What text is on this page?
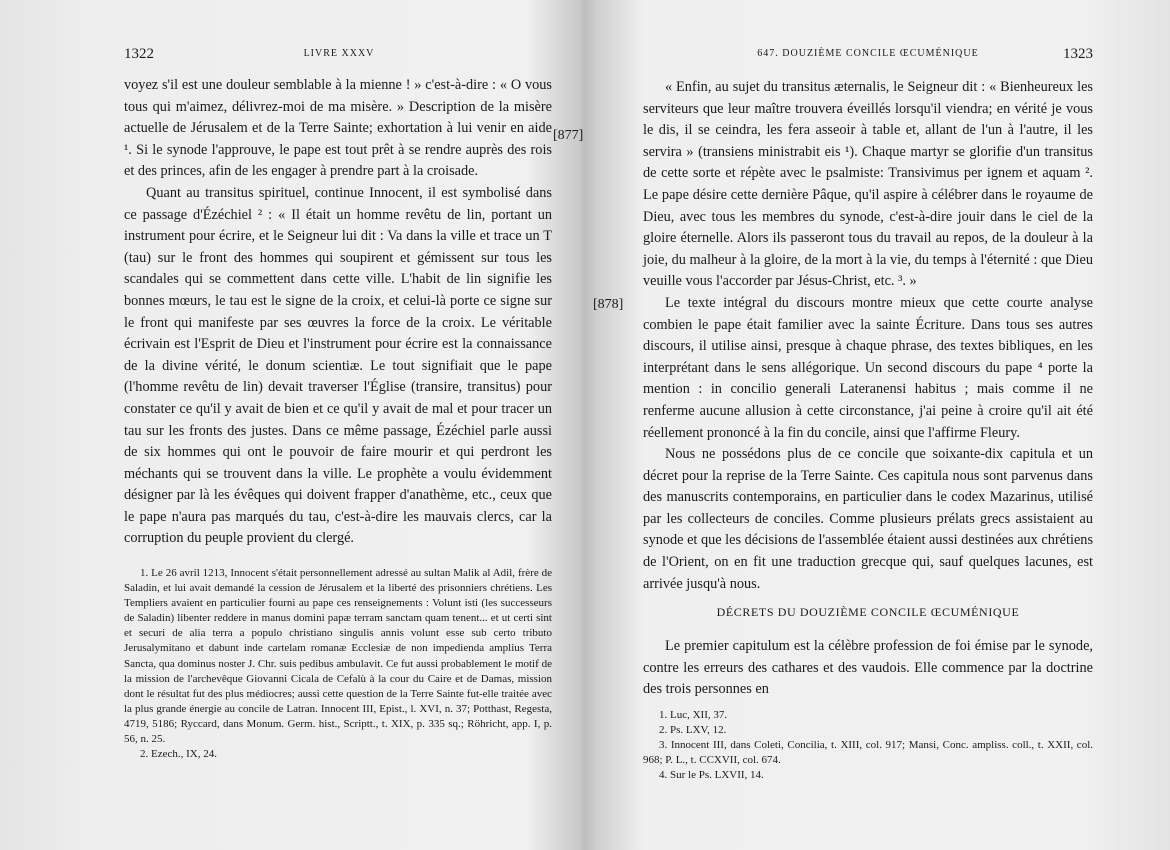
1322	LIVRE XXXV

voyez s'il est une douleur semblable à la mienne ! » c'est-à-dire : « O vous tous qui m'aimez, délivrez-moi de ma misère. » Description de la misère actuelle de Jérusalem et de la Terre Sainte; exhortation à lui venir en aide ¹. Si le synode l'approuve, le pape est tout prêt à se rendre auprès des rois et des princes, afin de les engager à prendre part à la croisade.

Quant au transitus spirituel, continue Innocent, il est symbolisé dans ce passage d'Ézéchiel ² : « Il était un homme revêtu de lin, portant un instrument pour écrire, et le Seigneur lui dit : Va dans la ville et trace un T (tau) sur le front des hommes qui soupirent et gémissent sur tous les scandales qui se commettent dans cette ville. L'habit de lin signifie les bonnes mœurs, le tau est le signe de la croix, et celui-là porte ce signe sur le front qui manifeste par ses œuvres la force de la croix. Le véritable écrivain est l'Esprit de Dieu et l'instrument pour écrire est la connaissance de la divine vérité, le donum scientiæ. Le tout signifiait que le pape (l'homme revêtu de lin) devait traverser l'Église (transire, transitus) pour constater ce qu'il y avait de bien et ce qu'il y avait de mal et pour tracer un tau sur les fronts des justes. Dans ce même passage, Ézéchiel parle aussi de six hommes qui ont le pouvoir de faire mourir et qui perdront les méchants qui se trouvent dans la ville. Le prophète a voulu évidemment désigner par là les évêques qui doivent frapper d'anathème, etc., ceux que le pape n'aura pas marqués du tau, c'est-à-dire les mauvais clercs, car la corruption du peuple provient du clergé.

[877]

1. Le 26 avril 1213, Innocent s'était personnellement adressé au sultan Malik al Adil, frère de Saladin, et lui avait demandé la cession de Jérusalem et la liberté des prisonniers chrétiens. Les Templiers avaient en particulier fourni au pape ces renseignements : Volunt isti (les successeurs de Saladin) libenter reddere in manus domini papæ terram sanctam quam tenent... et ut certi sint et securi de alia terra a populo christiano singulis annis volunt esse sub certo tributo Jerusalymitano et dabunt inde cartelam romanæ Ecclesiæ de non impedienda amplius Terra Sancta, qua dominus noster J. Chr. suis pedibus ambulavit. Ce fut aussi probablement le motif de la mission de l'archevêque Giovanni Cicala de Cefalù à la cour du Caire et de Damas, mission dont le résultat fut des plus médiocres; aussi cette question de la Terre Sainte fut-elle traitée avec la plus grande énergie au concile de Latran. Innocent III, Epist., l. XVI, n. 37; Potthast, Regesta, 4719, 5186; Ryccard, dans Monum. Germ. hist., Scriptt., t. XIX, p. 335 sq.; Röhricht, app. I, p. 56, n. 25.

2. Ezech., IX, 24.

647. DOUZIÈME CONCILE ŒCUMÉNIQUE	1323

« Enfin, au sujet du transitus æternalis, le Seigneur dit : « Bienheureux les serviteurs que leur maître trouvera éveillés lorsqu'il viendra; en vérité je vous le dis, il se ceindra, les fera asseoir à table et, allant de l'un à l'autre, il les servira » (transiens ministrabit eis ¹). Chaque martyr se glorifie d'un transitus de cette sorte et répète avec le psalmiste: Transivimus per ignem et aquam ². Le pape désire cette dernière Pâque, qu'il aspire à célébrer dans le royaume de Dieu, avec tous les membres du synode, c'est-à-dire jouir dans le ciel de la gloire éternelle. Alors ils passeront tous du travail au repos, de la douleur à la joie, du malheur à la gloire, de la mort à la vie, du temps à l'éternité : que Dieu veuille vous l'accorder par Jésus-Christ, etc. ³. »

Le texte intégral du discours montre mieux que cette courte analyse combien le pape était familier avec la sainte Écriture. Dans tous ses autres discours, il utilise ainsi, presque à chaque phrase, des textes bibliques, en les interprétant dans le sens allégorique. Un second discours du pape ⁴ porte la mention : in concilio generali Lateranensi habitus ; mais comme il ne renferme aucune allusion à cette circonstance, j'ai peine à croire qu'il ait été réellement prononcé à la fin du concile, ainsi que l'affirme Fleury.

Nous ne possédons plus de ce concile que soixante-dix capitula et un décret pour la reprise de la Terre Sainte. Ces capitula nous sont parvenus dans des manuscrits contemporains, en particulier dans le codex Mazarinus, utilisé par les collecteurs de conciles. Comme plusieurs prélats grecs assistaient au synode et que les décisions de l'assemblée étaient aussi destinées aux chrétiens de l'Orient, on en fit une traduction grecque qui, sauf quelques lacunes, est arrivée jusqu'à nous.

[878]
DÉCRETS DU DOUZIÈME CONCILE ŒCUMÉNIQUE

Le premier capitulum est la célèbre profession de foi émise par le synode, contre les erreurs des cathares et des vaudois. Elle commence par la doctrine des trois personnes en

1. Luc, XII, 37.

2. Ps. LXV, 12.

3. Innocent III, dans Coleti, Concilia, t. XIII, col. 917; Mansi, Conc. ampliss. coll., t. XXII, col. 968; P. L., t. CCXVII, col. 674.

4. Sur le Ps. LXVII, 14.
